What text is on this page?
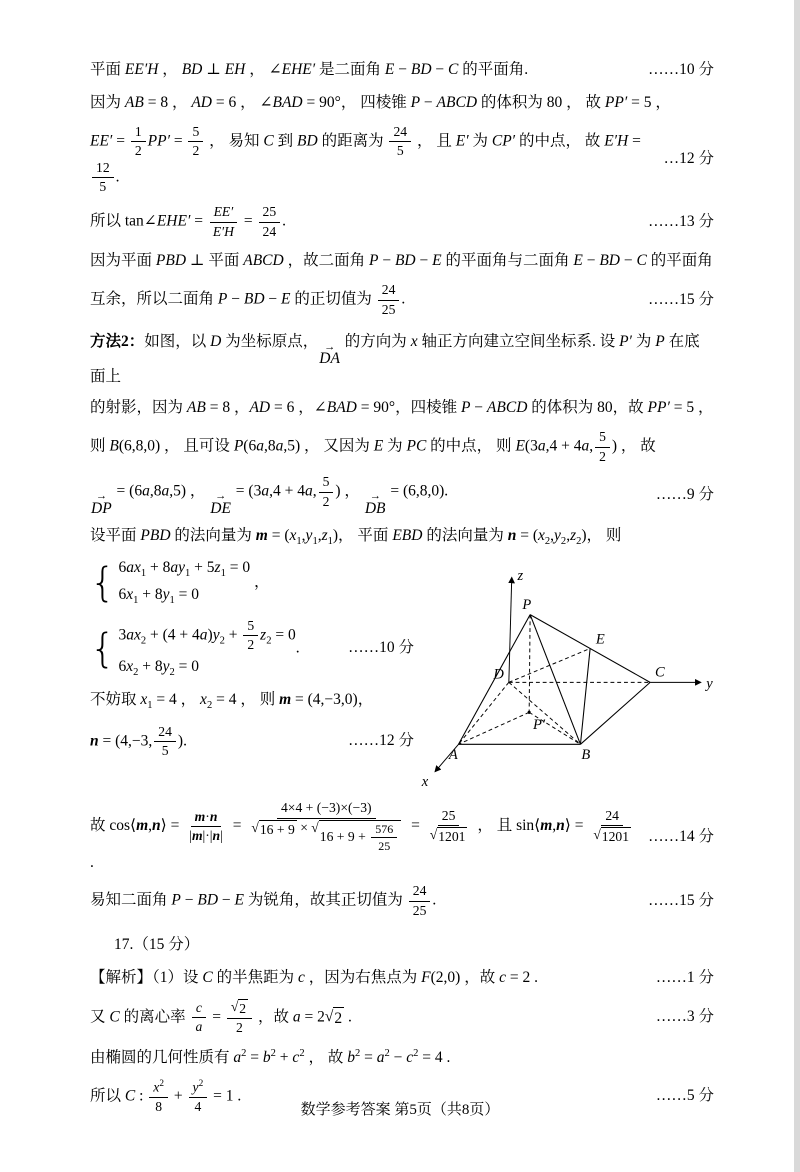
平面 EE′H ， BD ⊥ EH ， ∠EHE′ 是二面角 E − BD − C 的平面角.	……10 分
因为 AB = 8 ， AD = 6 ， ∠BAD = 90°， 四棱锥 P − ABCD 的体积为 80 ， 故 PP′ = 5 ，
$EE' = \frac{1}{2} PP' = \frac{5}{2}$ ， 易知 C 到 BD 的距离为 $\frac{24}{5}$ ， 且 E′ 为 CP′ 的中点， 故 E′H =
$\frac{12}{5}$ .
…12 分
所以 tan∠EHE′ = $\frac{EE'}{E'H} = \frac{25}{24}$ .	……13 分
因为平面 PBD ⊥ 平面 ABCD ，故二面角 P − BD − E 的平面角与二面角 E − BD − C 的平面角
互余，所以二面角 P − BD − E 的正切值为 $\frac{24}{25}$ .	……15 分
方法2：如图，以 D 为坐标原点， →
DA
的方向为 x 轴正方向建立空间坐标系. 设 P′ 为 P 在底面上
的射影，因为 AB = 8 ，AD = 6 ，∠BAD = 90°，四棱锥 P − ABCD 的体积为 80，故 PP′ = 5 ，
则 B(6,8,0) ， 且可设 P(6a,8a,5) ， 又因为 E 为 PC 的中点， 则 E(3a,4 + 4a, $\frac{5}{2}$ ) ， 故
→
DP
= (6a,8a,5) ， →
DE
= (3a,4 + 4a, $\frac{5}{2}$ ) ， →
DB
= (6,8,0).	……9 分
设平面 PBD 的法向量为 $m = (x_1,y_1,z_1)$， 平面 EBD 的法向量为 $n = (x_2,y_2,z_2)$， 则
{ $6ax_1 + 8ay_1 + 5z_1 = 0$
$6x_1 + 8y_1 = 0$
，
{ $3ax_2 + (4 + 4a)y_2 + \frac{5}{2} z_2 = 0$
$6x_2 + 8y_2 = 0$
.	……10 分
不妨取 $x_1 = 4$ ， $x_2 = 4$ ， 则 m = (4,−3,0)，
n = (4,−3, $\frac{24}{5}$ ).	……12 分
P
E
C
D
P′
A	B
x
y
z
故 cos⟨m,n⟩ = $\frac{m\cdot n}{|m|\cdot|n|} = 4\times 4 + (-3)\times(-3)$
√ 16 + 9 × √
$16 + 9 + \frac{576}{25} = \frac{25}{√ 1201}$ ， 且 sin⟨m,n⟩ = $\frac{24}{√ 1201}$
.
……14 分
易知二面角 P − BD − E 为锐角，故其正切值为 $\frac{24}{25}$ .	……15 分
17.（15 分）
【解析】（1）设 C 的半焦距为 c ，因为右焦点为 F(2,0) ，故 c = 2 .	……1 分
又 C 的离心率 $\frac{c}{a} = \frac{√ 2}{2}$ ，故 a = 2√ 2 .	……3 分
由椭圆的几何性质有 $a^2 = b^2 + c^2$ ， 故 $b^2 = a^2 - c^2 = 4$ .
所以 C : $\frac{x^2}{8} + \frac{y^2}{4} = 1$ .	……5 分
数学参考答案 第5页（共8页）
